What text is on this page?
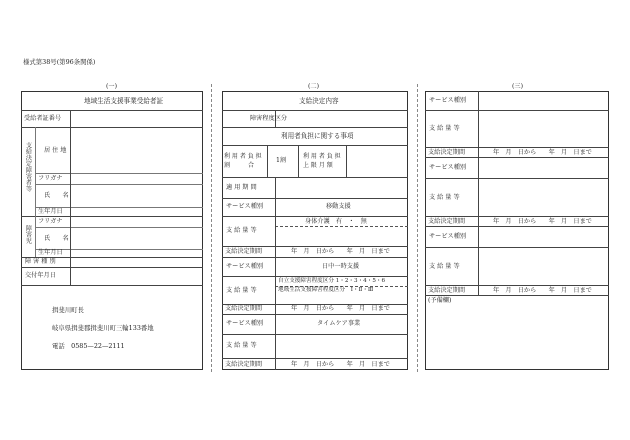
様式第38号(第96条関係)
(一)	(二)	(三)
地域生活支援事業受給者証
受給者証番号
支給決定障害者等 居 住 地
フリガナ
氏　　名
生年月日
障害児
フリガナ
氏　　名
生年月日
障 害 種 別
交付年月日
揖斐川町長
岐阜県揖斐郡揖斐川町三輪133番地
電話　0585—22—2111
支給決定内容
障害程度区分
利用者負担に関する事項
利 用 者 負 担
割　　　合
1割
利 用 者 負 担
上 限 月 額
適 用 期 間
サービス種別	移動支援
身体介護　有　・　無
支 給 量 等
支給決定期間	年　月　日から　　年　月　日まで
サービス種別	日中一時支援
支 給 量 等
自立支援障害程度区分 1・2・3・4・5・6
地域生活支援障害程度区分　Ⅰ・Ⅱ・Ⅲ
支給決定期間	年　月　日から　　年　月　日まで
サービス種別	タイムケア事業
支 給 量 等
支給決定期間	年　月　日から　　年　月　日まで
サービス種別
支 給 量 等
支給決定期間	年　月　日から　　年　月　日まで
サービス種別
支 給 量 等
支給決定期間	年　月　日から　　年　月　日まで
サービス種別
支 給 量 等
支給決定期間	年　月　日から　　年　月　日まで
(予備欄)
